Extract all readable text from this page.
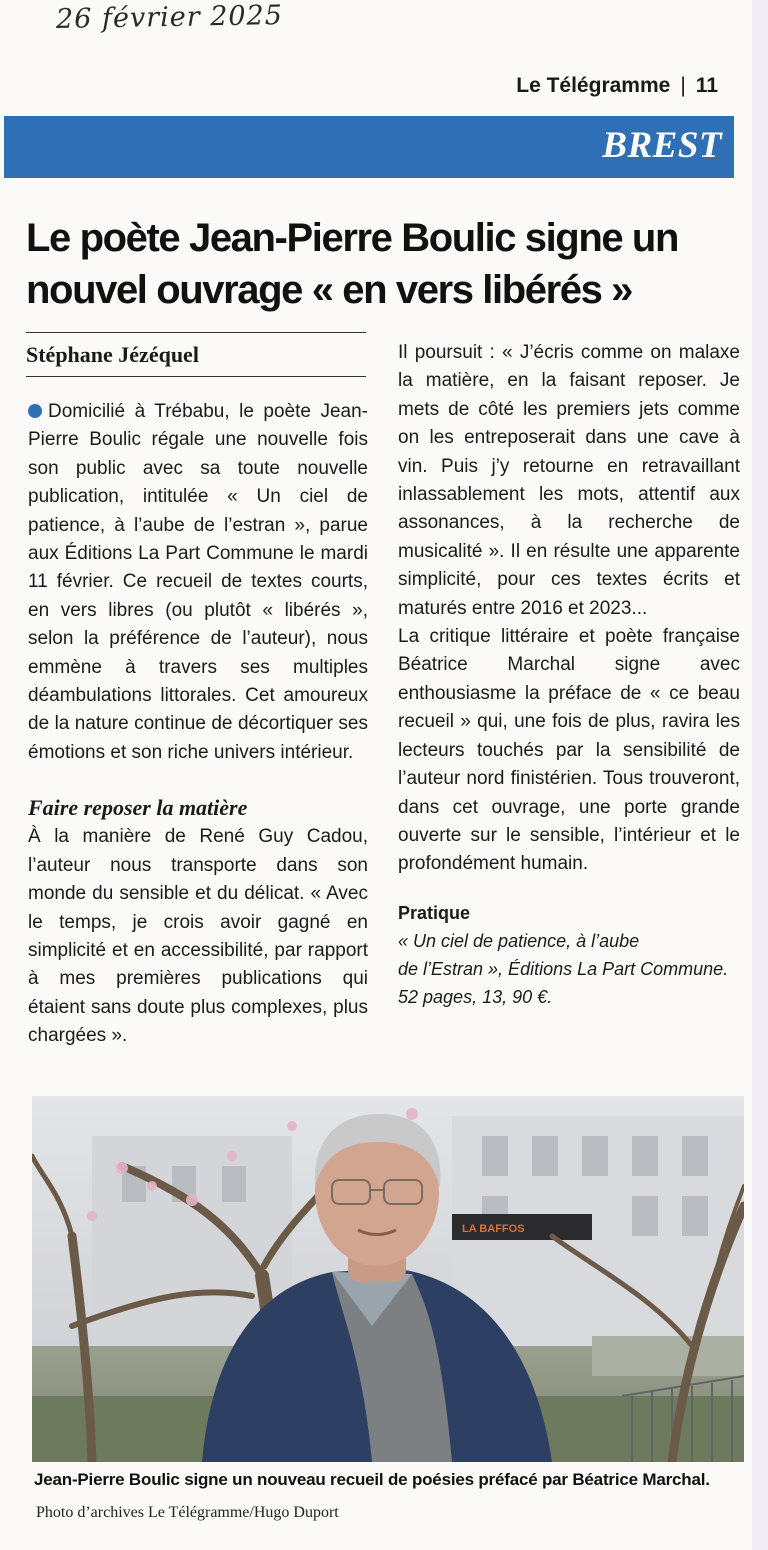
26 février 2025
Le Télégramme | 11
BREST
Le poète Jean-Pierre Boulic signe un nouvel ouvrage « en vers libérés »
Stéphane Jézéquel

Domicilié à Trébabu, le poète Jean-Pierre Boulic régale une nouvelle fois son public avec sa toute nouvelle publication, intitulée « Un ciel de patience, à l’aube de l’estran », parue aux Éditions La Part Commune le mardi 11 février. Ce recueil de textes courts, en vers libres (ou plutôt « libérés », selon la préférence de l’auteur), nous emmène à travers ses multiples déambulations littorales. Cet amoureux de la nature continue de décortiquer ses émotions et son riche univers intérieur.

Faire reposer la matière

À la manière de René Guy Cadou, l’auteur nous transporte dans son monde du sensible et du délicat. « Avec le temps, je crois avoir gagné en simplicité et en accessibilité, par rapport à mes premières publications qui étaient sans doute plus complexes, plus chargées ».

Il poursuit : « J’écris comme on malaxe la matière, en la faisant reposer. Je mets de côté les premiers jets comme on les entreposerait dans une cave à vin. Puis j’y retourne en retravaillant inlassablement les mots, attentif aux assonances, à la recherche de musicalité ». Il en résulte une apparente simplicité, pour ces textes écrits et maturés entre 2016 et 2023...

La critique littéraire et poète française Béatrice Marchal signe avec enthousiasme la préface de « ce beau recueil » qui, une fois de plus, ravira les lecteurs touchés par la sensibilité de l’auteur nord finistérien. Tous trouveront, dans cet ouvrage, une porte grande ouverte sur le sensible, l’intérieur et le profondément humain.

Pratique

« Un ciel de patience, à l’aube
de l’Estran », Éditions La Part Commune.
52 pages, 13, 90 €.

LA BAFFOS
Jean-Pierre Boulic signe un nouveau recueil de poésies préfacé par Béatrice Marchal.
Photo d’archives Le Télégramme/Hugo Duport
